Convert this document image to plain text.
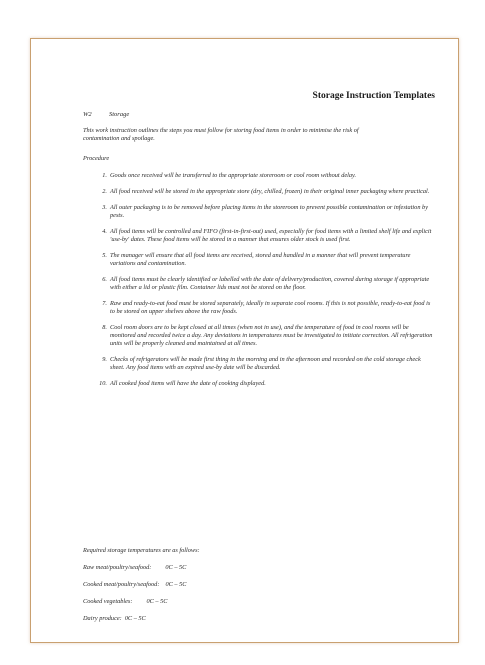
Storage Instruction Templates
W2	Storage
This work instruction outlines the steps you must follow for storing food items in order to minimise the risk of contamination and spoilage.
Procedure
1. Goods once received will be transferred to the appropriate storeroom or cool room without delay.
2. All food received will be stored in the appropriate store (dry, chilled, frozen) in their original inner packaging where practical.
3. All outer packaging is to be removed before placing items in the storeroom to prevent possible contamination or infestation by pests.
4. All food items will be controlled and FIFO (first-in-first-out) used, especially for food items with a limited shelf life and explicit 'use-by' dates. These food items will be stored in a manner that ensures older stock is used first.
5. The manager will ensure that all food items are received, stored and handled in a manner that will prevent temperature variations and contamination.
6. All food items must be clearly identified or labelled with the date of delivery/production, covered during storage if appropriate with either a lid or plastic film. Container lids must not be stored on the floor.
7. Raw and ready-to-eat food must be stored separately, ideally in separate cool rooms. If this is not possible, ready-to-eat food is to be stored on upper shelves above the raw foods.
8. Cool room doors are to be kept closed at all times (when not in use), and the temperature of food in cool rooms will be monitored and recorded twice a day. Any deviations in temperatures must be investigated to initiate correction. All refrigeration units will be properly cleaned and maintained at all times.
9. Checks of refrigerators will be made first thing in the morning and in the afternoon and recorded on the cold storage check sheet. Any food items with an expired use-by date will be discarded.
10. All cooked food items will have the date of cooking displayed.
Required storage temperatures are as follows:
Raw meat/poultry/seafood: 0C – 5C
Cooked meat/poultry/seafood: 0C – 5C
Cooked vegetables: 0C – 5C
Dairy produce: 0C – 5C
